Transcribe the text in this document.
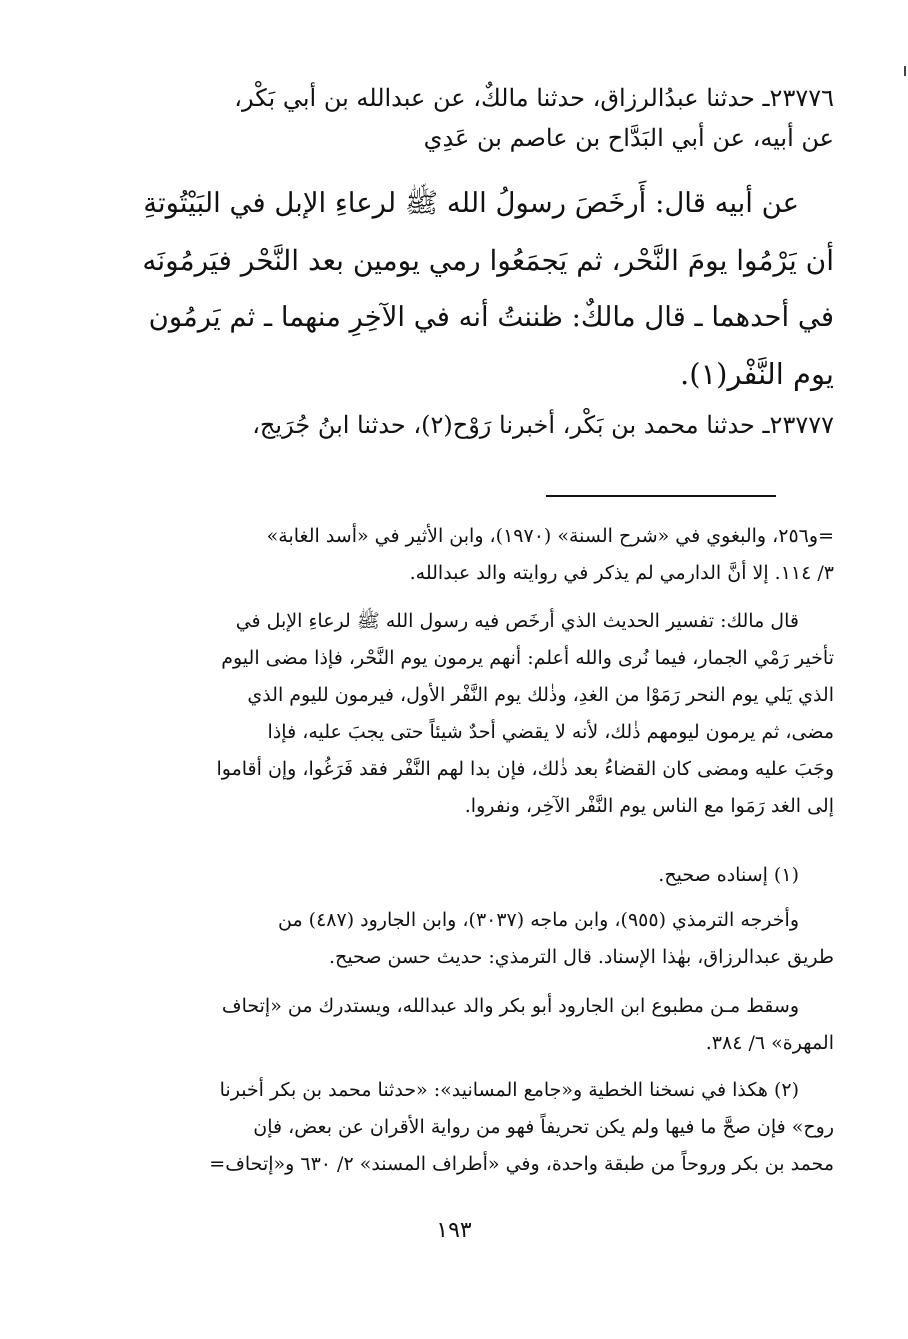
٢٣٧٧٦ـ حدثنا عبدُالرزاق، حدثنا مالكٌ، عن عبدالله بن أبي بَكْر،
عن أبيه، عن أبي البَدَّاح بن عاصم بن عَدِي
عن أبيه قال: أَرخَصَ رسولُ الله ﷺ لرعاءِ الإبل في البَيْتُوتةِ
أن يَرْمُوا يومَ النَّحْر، ثم يَجمَعُوا رمي يومين بعد النَّحْر فيَرمُونَه
في أحدهما ـ قال مالكٌ: ظننتُ أنه في الآخِرِ منهما ـ ثم يَرمُون
يوم النَّفْر(١).
٢٣٧٧٧ـ حدثنا محمد بن بَكْر، أخبرنا رَوْح(٢)، حدثنا ابنُ جُرَيج،
=و٢٥٦، والبغوي في «شرح السنة» (١٩٧٠)، وابن الأثير في «أسد الغابة»
٣/ ١١٤. إلا أنَّ الدارمي لم يذكر في روايته والد عبدالله.
قال مالك: تفسير الحديث الذي أرخَص فيه رسول الله ﷺ لرعاءِ الإبل في
تأخير رَمْي الجمار، فيما نُرى والله أعلم: أنهم يرمون يوم النَّحْر، فإذا مضى اليوم
الذي يَلي يوم النحر رَمَوْا من الغدِ، وذٰلك يوم النَّفْر الأول، فيرمون لليوم الذي
مضى، ثم يرمون ليومهم ذٰلك، لأنه لا يقضي أحدٌ شيئاً حتى يجبَ عليه، فإذا
وجَبَ عليه ومضى كان القضاءُ بعد ذٰلك، فإن بدا لهم النَّفْر فقد فَرَغُوا، وإن أقاموا
إلى الغد رَمَوا مع الناس يوم النَّفْر الآخِر، ونفروا.
(١) إسناده صحيح.
وأخرجه الترمذي (٩٥٥)، وابن ماجه (٣٠٣٧)، وابن الجارود (٤٨٧) من
طريق عبدالرزاق، بهٰذا الإسناد. قال الترمذي: حديث حسن صحيح.
وسقط مـن مطبوع ابن الجارود أبو بكر والد عبدالله، ويستدرك من «إتحاف
المهرة» ٦/ ٣٨٤.
(٢) هكذا في نسخنا الخطية و«جامع المسانيد»: «حدثنا محمد بن بكر أخبرنا
روح» فإن صحَّ ما فيها ولم يكن تحريفاً فهو من رواية الأقران عن بعض، فإن
محمد بن بكر وروحاً من طبقة واحدة، وفي «أطراف المسند» ٢/ ٦٣٠ و«إتحاف=
١٩٣
